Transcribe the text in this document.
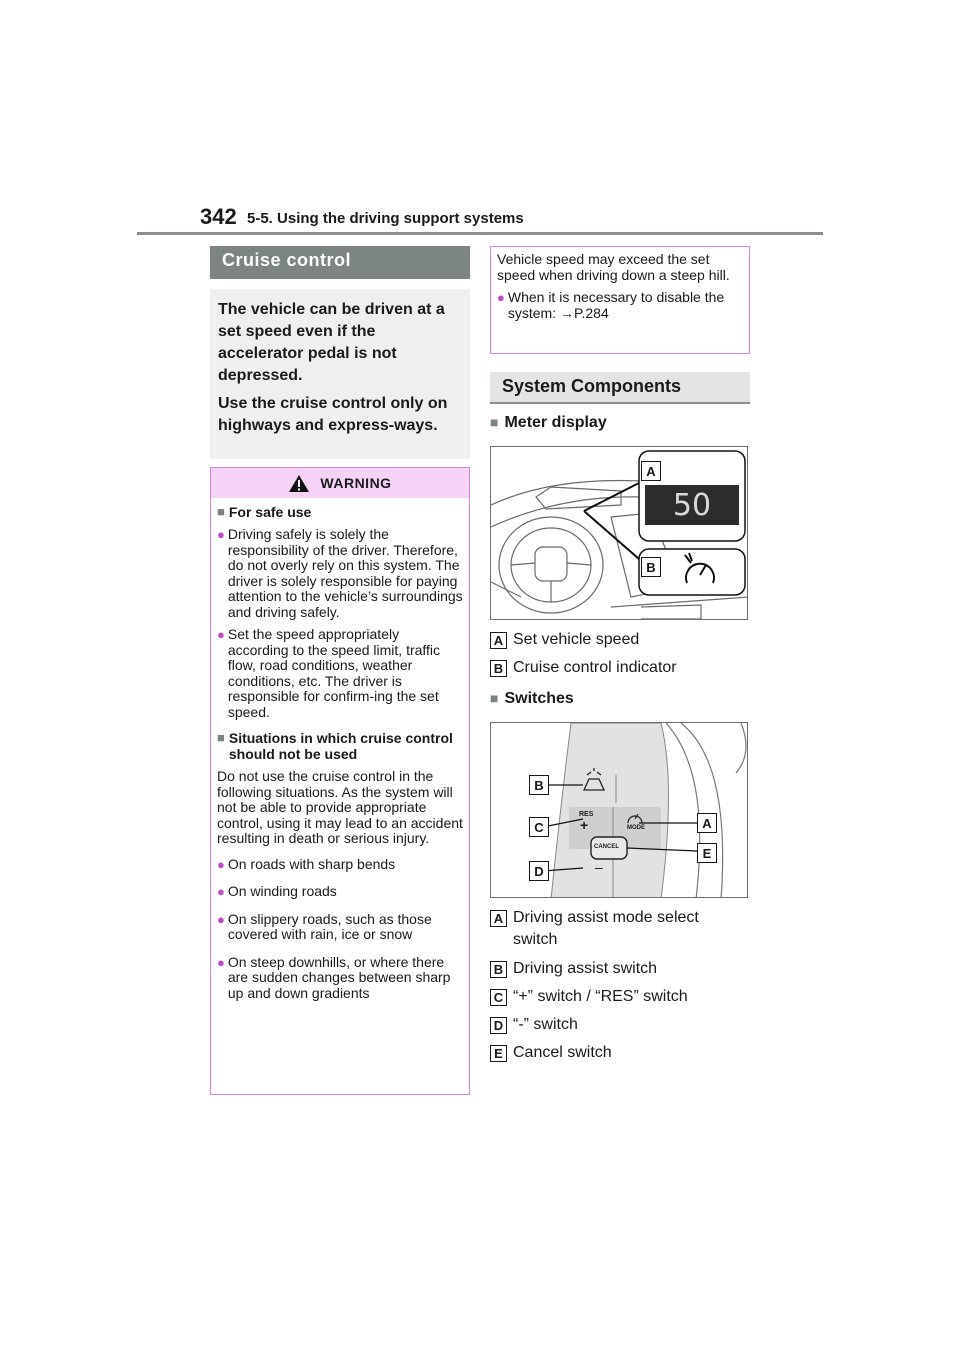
342 5-5. Using the driving support systems
Cruise control

The vehicle can be driven at a set speed even if the accelerator pedal is not depressed.

Use the cruise control only on highways and express-ways.

WARNING
■ For safe use
● Driving safely is solely the responsibility of the driver. Therefore, do not overly rely on this system. The driver is solely responsible for paying attention to the vehicle’s surroundings and driving safely.
● Set the speed appropriately according to the speed limit, traffic flow, road conditions, weather conditions, etc. The driver is responsible for confirm-ing the set speed.
■ Situations in which cruise control should not be used
Do not use the cruise control in the following situations. As the system will not be able to provide appropriate control, using it may lead to an accident resulting in death or serious injury.
● On roads with sharp bends
● On winding roads
● On slippery roads, such as those covered with rain, ice or snow
● On steep downhills, or where there are sudden changes between sharp up and down gradients
Vehicle speed may exceed the set speed when driving down a steep hill.
● When it is necessary to disable the system: →P.284
System Components
■ Meter display
50
A
B
A Set vehicle speed
B Cruise control indicator
■ Switches
RES
+
–
MODE
CANCEL
B
C
D
A
E
A Driving assist mode select switch
B Driving assist switch
C “+” switch / “RES” switch
D “-” switch
E Cancel switch
